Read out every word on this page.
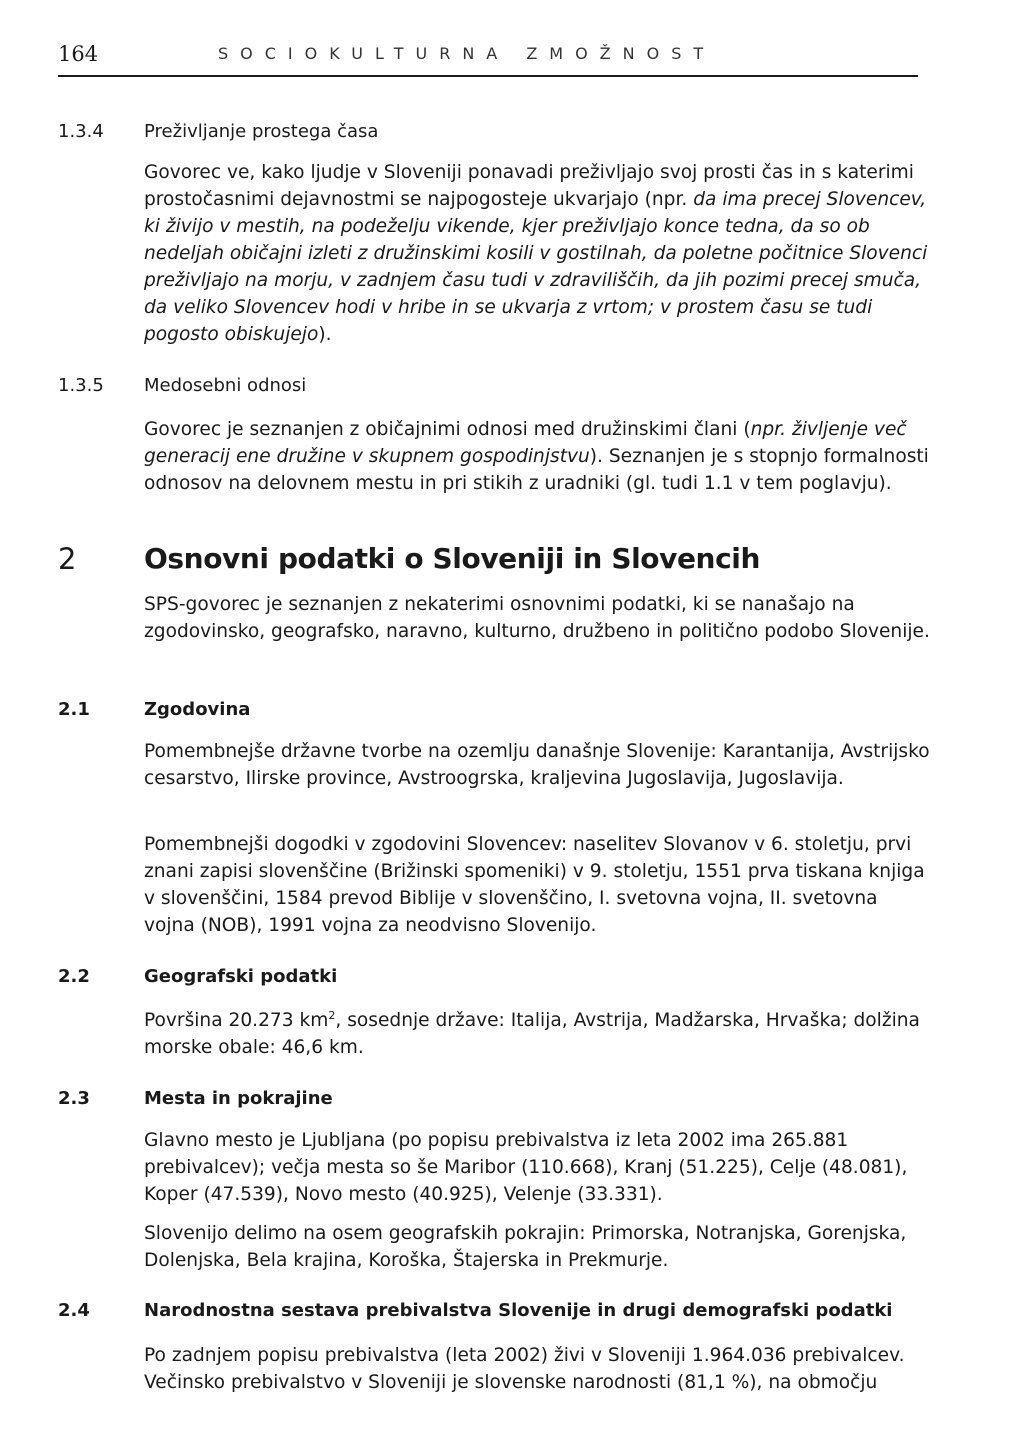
164	SOCIOKULTURNA ZMOŽNOST
1.3.4 Preživljanje prostega časa

Govorec ve, kako ljudje v Sloveniji ponavadi preživljajo svoj prosti čas in s katerimi prostočasnimi dejavnostmi se najpogosteje ukvarjajo (npr. da ima precej Slovencev, ki živijo v mestih, na podeželju vikende, kjer preživljajo konce tedna, da so ob nedeljah običajni izleti z družinskimi kosili v gostilnah, da poletne počitnice Slovenci preživljajo na morju, v zadnjem času tudi v zdraviliščih, da jih pozimi precej smuča, da veliko Slovencev hodi v hribe in se ukvarja z vrtom; v prostem času se tudi pogosto obiskujejo).

1.3.5 Medosebni odnosi

Govorec je seznanjen z običajnimi odnosi med družinskimi člani (npr. življenje več generacij ene družine v skupnem gospodinjstvu). Seznanjen je s stopnjo formalnosti odnosov na delovnem mestu in pri stikih z uradniki (gl. tudi 1.1 v tem poglavju).

2 Osnovni podatki o Sloveniji in Slovencih

SPS-govorec je seznanjen z nekaterimi osnovnimi podatki, ki se nanašajo na zgodovinsko, geografsko, naravno, kulturno, družbeno in politično podobo Slovenije.

2.1	Zgodovina

Pomembnejše državne tvorbe na ozemlju današnje Slovenije: Karantanija, Avstrijsko cesarstvo, Ilirske province, Avstroogrska, kraljevina Jugoslavija, Jugoslavija.

Pomembnejši dogodki v zgodovini Slovencev: naselitev Slovanov v 6. stoletju, prvi znani zapisi slovenščine (Brižinski spomeniki) v 9. stoletju, 1551 prva tiskana knjiga v slovenščini, 1584 prevod Biblije v slovenščino, I. svetovna vojna, II. svetovna vojna (NOB), 1991 vojna za neodvisno Slovenijo.

2.2	Geografski podatki

Površina 20.273 $km^2$, sosednje države: Italija, Avstrija, Madžarska, Hrvaška; dolžina morske obale: 46,6 km.

2.3	Mesta in pokrajine

Glavno mesto je Ljubljana (po popisu prebivalstva iz leta 2002 ima 265.881 prebivalcev); večja mesta so še Maribor (110.668), Kranj (51.225), Celje (48.081), Koper (47.539), Novo mesto (40.925), Velenje (33.331).

Slovenijo delimo na osem geografskih pokrajin: Primorska, Notranjska, Gorenjska, Dolenjska, Bela krajina, Koroška, Štajerska in Prekmurje.

2.4	Narodnostna sestava prebivalstva Slovenije in drugi demografski podatki

Po zadnjem popisu prebivalstva (leta 2002) živi v Sloveniji 1.964.036 prebivalcev. Večinsko prebivalstvo v Sloveniji je slovenske narodnosti (81,1 %), na območju
